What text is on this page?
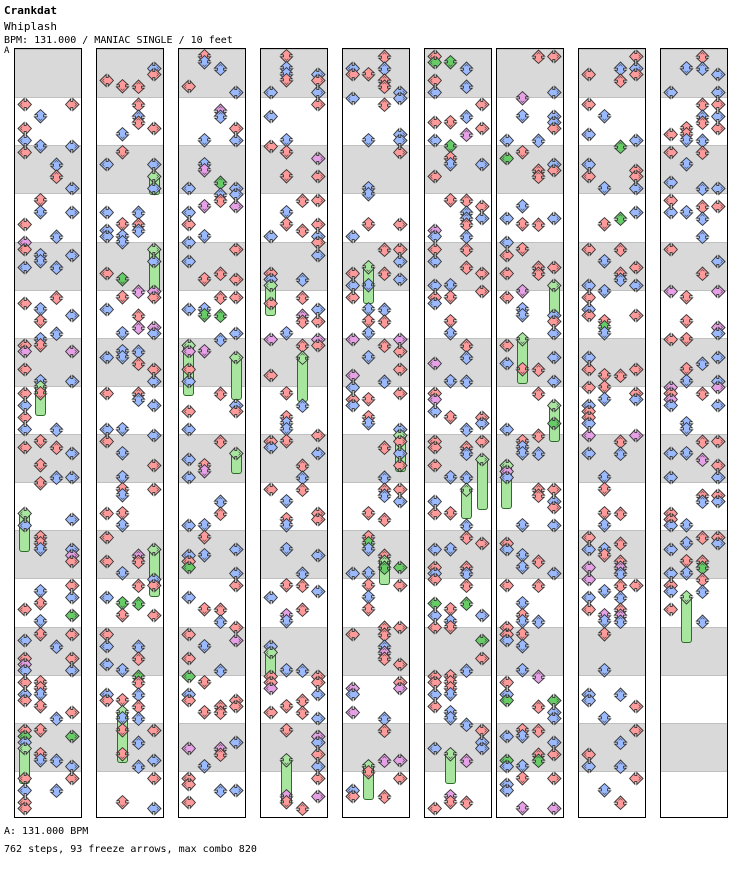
Crankdat
Whiplash
BPM: 131.000 / MANIAC SINGLE / 10 feet
A
A: 131.000 BPM
762 steps, 93 freeze arrows, max combo 820
